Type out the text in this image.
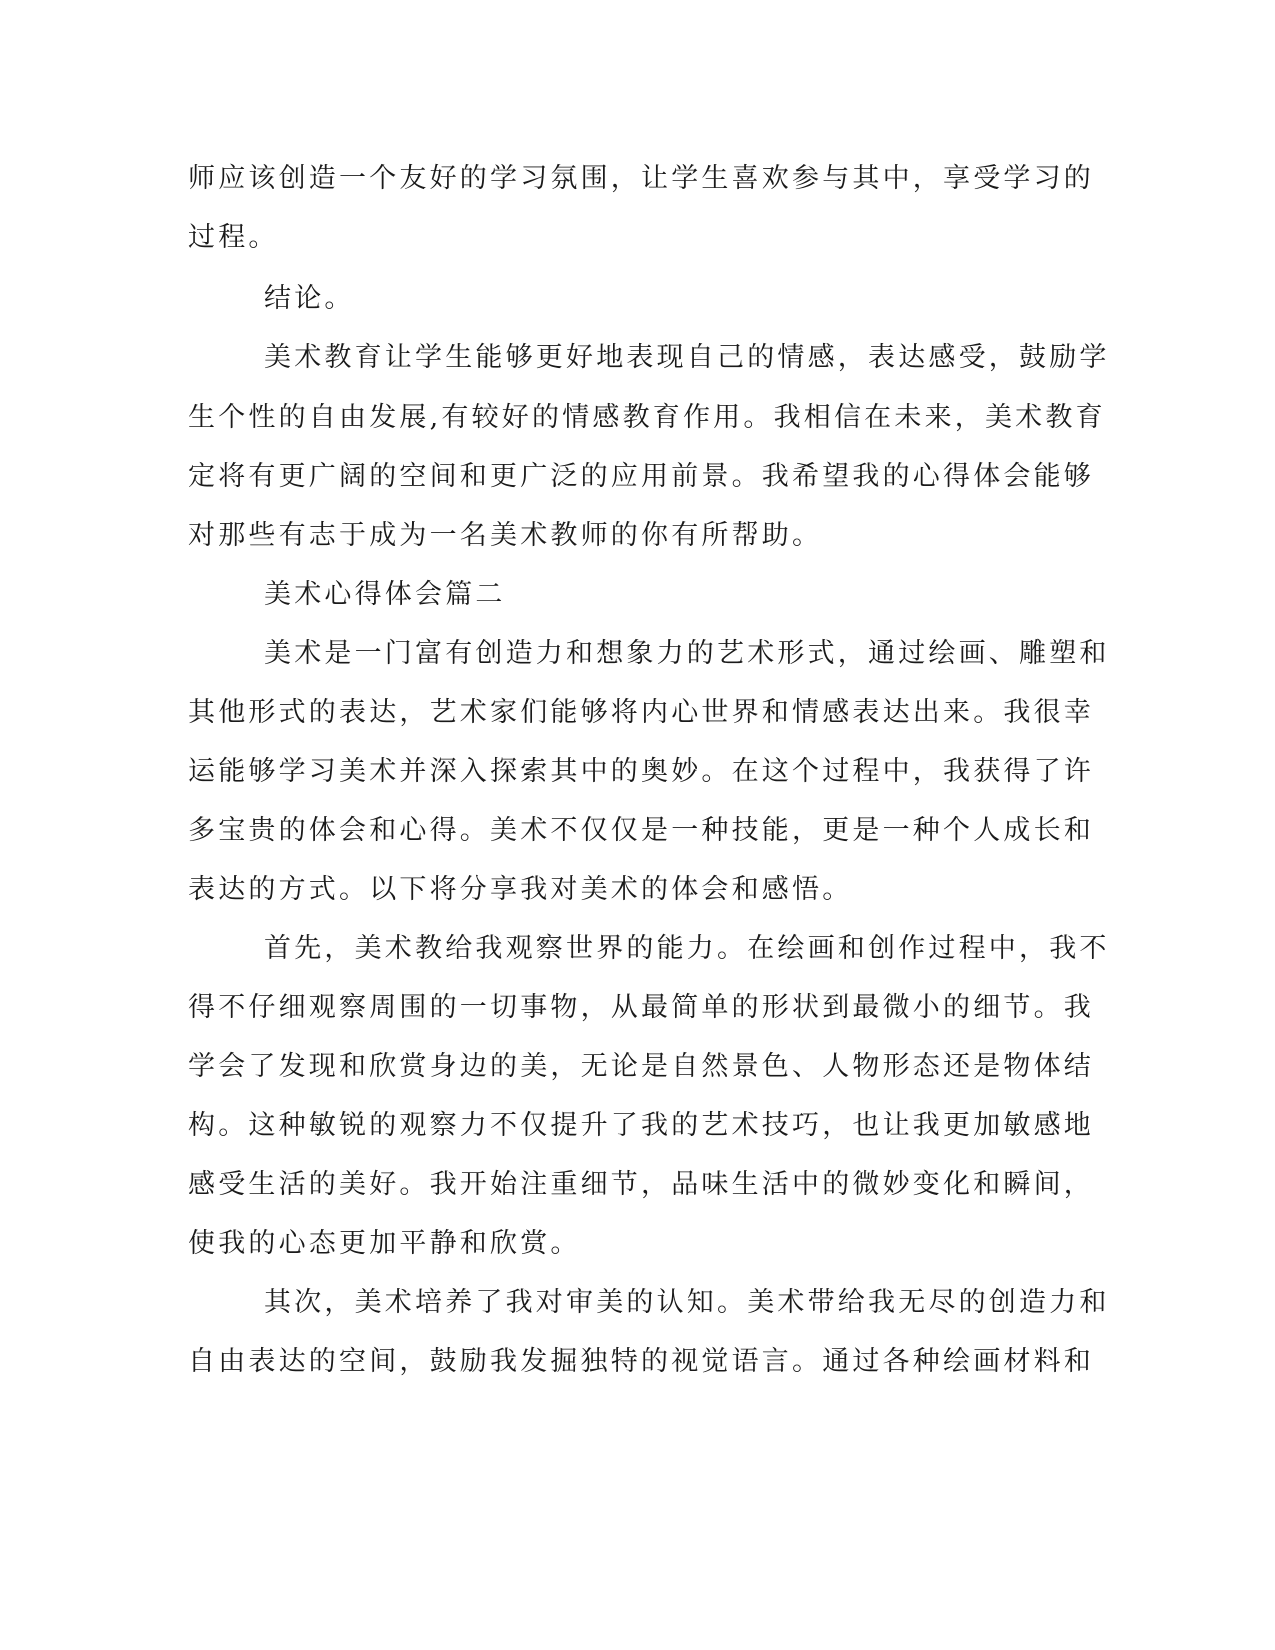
师应该创造一个友好的学习氛围，让学生喜欢参与其中，享受学习的
过程。
结论。
美术教育让学生能够更好地表现自己的情感，表达感受，鼓励学
生个性的自由发展,有较好的情感教育作用。我相信在未来，美术教育
定将有更广阔的空间和更广泛的应用前景。我希望我的心得体会能够
对那些有志于成为一名美术教师的你有所帮助。
美术心得体会篇二
美术是一门富有创造力和想象力的艺术形式，通过绘画、雕塑和
其他形式的表达，艺术家们能够将内心世界和情感表达出来。我很幸
运能够学习美术并深入探索其中的奥妙。在这个过程中，我获得了许
多宝贵的体会和心得。美术不仅仅是一种技能，更是一种个人成长和
表达的方式。以下将分享我对美术的体会和感悟。
首先，美术教给我观察世界的能力。在绘画和创作过程中，我不
得不仔细观察周围的一切事物，从最简单的形状到最微小的细节。我
学会了发现和欣赏身边的美，无论是自然景色、人物形态还是物体结
构。这种敏锐的观察力不仅提升了我的艺术技巧，也让我更加敏感地
感受生活的美好。我开始注重细节，品味生活中的微妙变化和瞬间，
使我的心态更加平静和欣赏。
其次，美术培养了我对审美的认知。美术带给我无尽的创造力和
自由表达的空间，鼓励我发掘独特的视觉语言。通过各种绘画材料和
